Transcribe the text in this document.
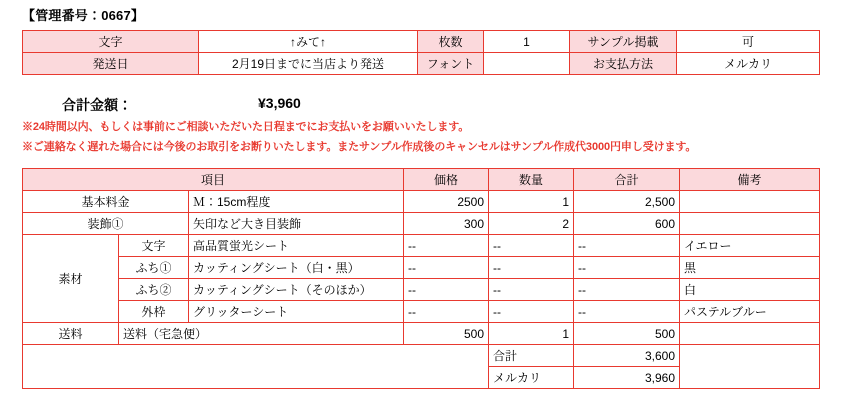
【管理番号：0667】
文字	↑みて↑	枚数	1	サンプル掲載	可
発送日	2月19日までに当店より発送	フォント		お支払方法	メルカリ
合計金額：	¥3,960
※24時間以内、もしくは事前にご相談いただいた日程までにお支払いをお願いいたします。
※ご連絡なく遅れた場合には今後のお取引をお断りいたします。またサンプル作成後のキャンセルはサンプル作成代3000円申し受けます。
項目			価格	数量	合計	備考
基本料金		Ｍ：15cm程度	2500	1	2,500	
装飾①		矢印など大き目装飾	300	2	600	
素材	文字	高品質蛍光シート	--	--	--	イエロー
	ふち①	カッティングシート（白・黒）	--	--	--	黒
	ふち②	カッティングシート（そのほか）	--	--	--	白
	外枠	グリッターシート	--	--	--	パステルブルー
送料	送料（宅急便）		500	1	500	
				合計	3,600	
				メルカリ	3,960	
